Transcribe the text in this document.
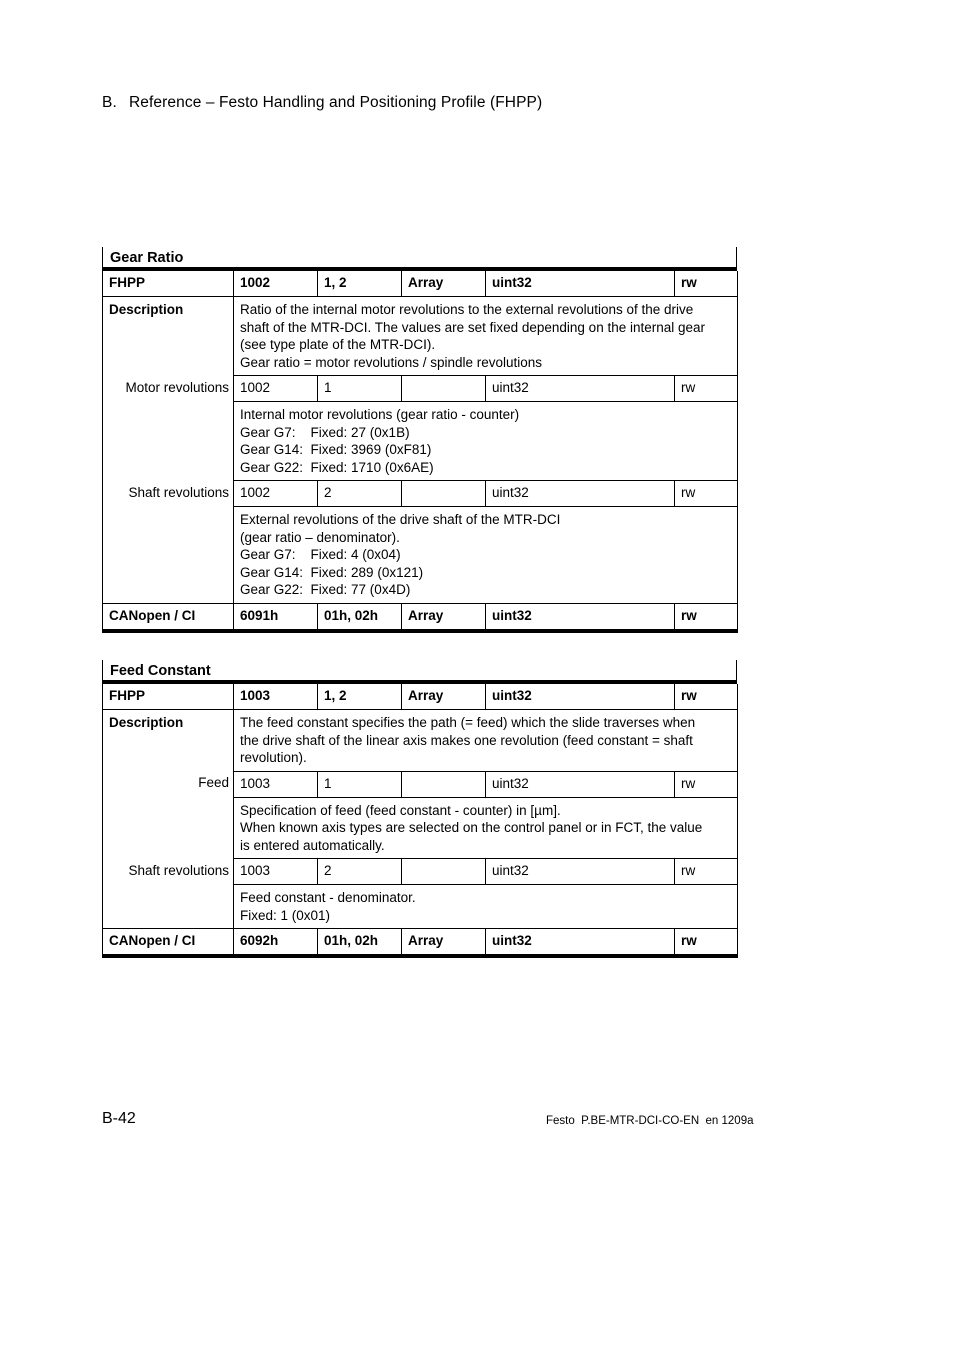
B. Reference – Festo Handling and Positioning Profile (FHPP)
Gear Ratio
FHPP	1002	1, 2	Array	uint32	rw
Description	Ratio of the internal motor revolutions to the external revolutions of the drive
shaft of the MTR-DCI. The values are set fixed depending on the internal gear
(see type plate of the MTR-DCI).
Gear ratio = motor revolutions / spindle revolutions				

Motor revolutions	1002	1		uint32	rw

	Internal motor revolutions (gear ratio - counter)
Gear G7:    Fixed: 27 (0x1B)
Gear G14:  Fixed: 3969 (0xF81)
Gear G22:  Fixed: 1710 (0x6AE)				

Shaft revolutions	1002	2		uint32	rw

	External revolutions of the drive shaft of the MTR-DCI
(gear ratio – denominator).
Gear G7:    Fixed: 4 (0x04)
Gear G14:  Fixed: 289 (0x121)
Gear G22:  Fixed: 77 (0x4D)				

CANopen / CI	6091h	01h, 02h	Array	uint32	rw
Feed Constant
FHPP	1003	1, 2	Array	uint32	rw
Description	The feed constant specifies the path (= feed) which the slide traverses when
the drive shaft of the linear axis makes one revolution (feed constant = shaft
revolution).				

Feed	1003	1		uint32	rw

	Specification of feed (feed constant - counter) in [µm].
When known axis types are selected on the control panel or in FCT, the value
is entered automatically.				

Shaft revolutions	1003	2		uint32	rw

	Feed constant - denominator.
Fixed: 1 (0x01)				

CANopen / CI	6092h	01h, 02h	Array	uint32	rw
B-42	Festo  P.BE-MTR-DCI-CO-EN  en 1209a
